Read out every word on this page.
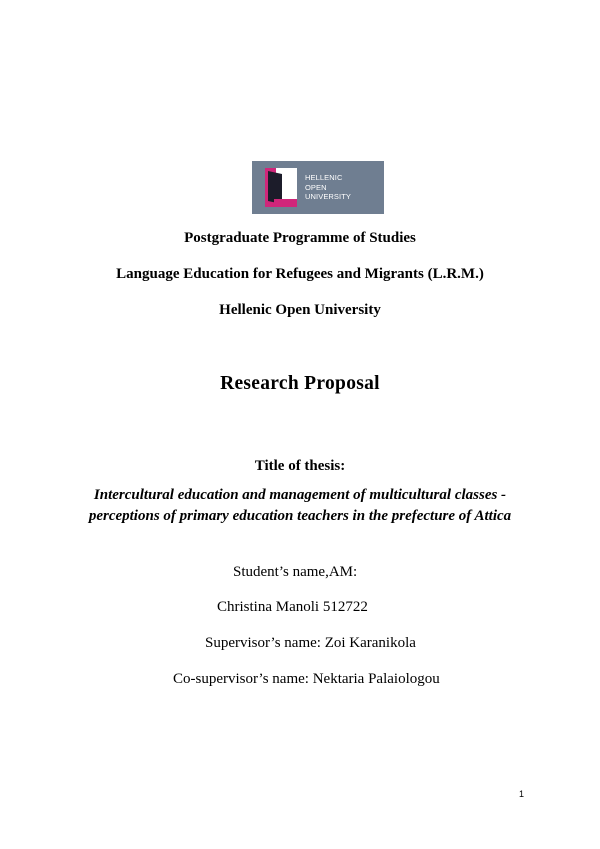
HELLENIC
OPEN
UNIVERSITY
Postgraduate Programme of Studies
Language Education for Refugees and Migrants (L.R.M.)
Hellenic Open University
Research Proposal
Title of thesis:
Intercultural education and management of multicultural classes -
perceptions of primary education teachers in the prefecture of Attica
Student’s name,AM:
Christina Manoli 512722
Supervisor’s name: Zoi Karanikola
Co-supervisor’s name: Nektaria Palaiologou
1
